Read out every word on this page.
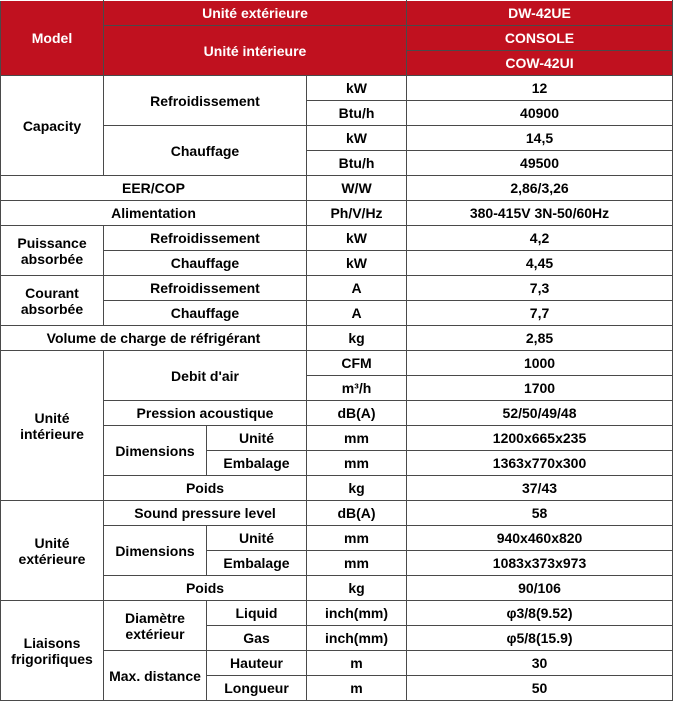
Model	Unité extérieure			DW-42UE
	Unité intérieure			CONSOLE
				COW-42UI
Capacity	Refroidissement		kW	12
			Btu/h	40900
	Chauffage		kW	14,5
			Btu/h	49500
EER/COP			W/W	2,86/3,26
Alimentation			Ph/V/Hz	380-415V 3N-50/60Hz
Puissance
absorbée	Refroidissement		kW	4,2
	Chauffage		kW	4,45
Courant
absorbée	Refroidissement		A	7,3
	Chauffage		A	7,7
Volume de charge de réfrigérant			kg	2,85
Unité
intérieure	Debit d'air		CFM	1000
			m³/h	1700
	Pression acoustique		dB(A)	52/50/49/48
	Dimensions	Unité	mm	1200x665x235
		Embalage	mm	1363x770x300
	Poids		kg	37/43
Unité
extérieure	Sound pressure level		dB(A)	58
	Dimensions	Unité	mm	940x460x820
		Embalage	mm	1083x373x973
	Poids		kg	90/106
Liaisons
frigorifiques	Diamètre
extérieur	Liquid	inch(mm)	φ3/8(9.52)
		Gas	inch(mm)	φ5/8(15.9)
	Max. distance	Hauteur	m	30
		Longueur	m	50
